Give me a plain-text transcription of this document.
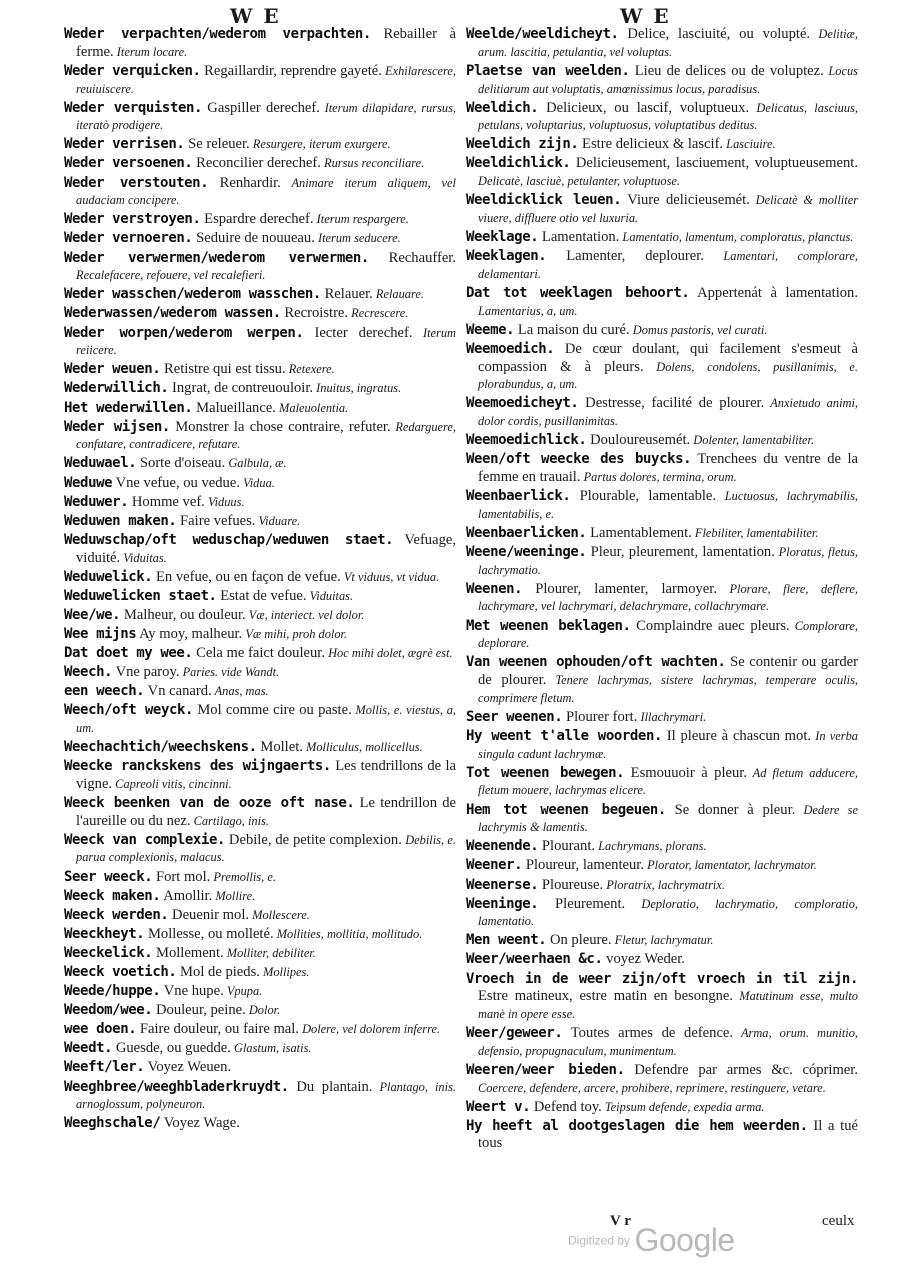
W E	W E

Weder verpachten/wederom verpachten. Rebailler à ferme. Iterum locare.

Weder verquicken. Regaillardir, reprendre gayeté. Exhilarescere, reuiuiscere.

Weder verquisten. Gaspiller derechef. Iterum dilapidare, rursus, iteratò prodigere.

Weder verrisen. Se releuer. Resurgere, iterum exurgere.

Weder versoenen. Reconcilier derechef. Rursus reconciliare.

Weder verstouten. Renhardir. Animare iterum aliquem, vel audaciam concipere.

Weder verstroyen. Espardre derechef. Iterum respargere.

Weder vernoeren. Seduire de nouueau. Iterum seducere.

Weder verwermen/wederom verwermen. Rechauffer. Recalefacere, refouere, vel recalefieri.

Weder wasschen/wederom wasschen. Relauer. Relauare.

Wederwassen/wederom wassen. Recroistre. Recrescere.

Weder worpen/wederom werpen. Iecter derechef. Iterum reiicere.

Weder weuen. Retistre qui est tissu. Retexere.

Wederwillich. Ingrat, de contreuouloir. Inuitus, ingratus.

Het wederwillen. Malueillance. Maleuolentia.

Weder wijsen. Monstrer la chose contraire, refuter. Redarguere, confutare, contradicere, refutare.

Weduwael. Sorte d'oiseau. Galbula, æ.

Weduwe Vne vefue, ou vedue. Vidua.

Weduwer. Homme vef. Viduus.

Weduwen maken. Faire vefues. Viduare.

Weduwschap/oft weduschap/weduwen staet. Vefuage, viduité. Viduitas.

Weduwelick. En vefue, ou en façon de vefue. Vt viduus, vt vidua.

Weduwelicken staet. Estat de vefue. Viduitas.

Wee/we. Malheur, ou douleur. Væ, interiect. vel dolor.

Wee mijns Ay moy, malheur. Væ mihi, proh dolor.

Dat doet my wee. Cela me faict douleur. Hoc mihi dolet, ægrè est.

Weech. Vne paroy. Paries. vide Wandt.

een weech. Vn canard. Anas, mas.

Weech/oft weyck. Mol comme cire ou paste. Mollis, e. viestus, a, um.

Weechachtich/weechskens. Mollet. Molliculus, mollicellus.

Weecke ranckskens des wijngaerts. Les tendrillons de la vigne. Capreoli vitis, cincinni.

Weeck beenken van de ooze oft nase. Le tendrillon de l'aureille ou du nez. Cartilago, inis.

Weeck van complexie. Debile, de petite complexion. Debilis, e. parua complexionis, malacus.

Seer weeck. Fort mol. Premollis, e.

Weeck maken. Amollir. Mollire.

Weeck werden. Deuenir mol. Mollescere.

Weeckheyt. Mollesse, ou molleté. Mollities, mollitia, mollitudo.

Weeckelick. Mollement. Molliter, debiliter.

Weeck voetich. Mol de pieds. Mollipes.

Weede/huppe. Vne hupe. Vpupa.

Weedom/wee. Douleur, peine. Dolor.

wee doen. Faire douleur, ou faire mal. Dolere, vel dolorem inferre.

Weedt. Guesde, ou guedde. Glastum, isatis.

Weeft/ler. Voyez Weuen.

Weeghbree/weeghbladerkruydt. Du plantain. Plantago, inis. arnoglossum, polyneuron.

Weeghschale/ Voyez Wage.

Weelde/weeldicheyt. Delice, lasciuité, ou volupté. Delitiæ, arum. lascitia, petulantia, vel voluptas.

Plaetse van weelden. Lieu de delices ou de voluptez. Locus delitiarum aut voluptatis, amœnissimus locus, paradisus.

Weeldich. Delicieux, ou lascif, voluptueux. Delicatus, lasciuus, petulans, voluptarius, voluptuosus, voluptatibus deditus.

Weeldich zijn. Estre delicieux & lascif. Lasciuire.

Weeldichlick. Delicieusement, lasciuement, voluptueusement. Delicatè, lasciuè, petulanter, voluptuose.

Weeldicklick leuen. Viure delicieusemét. Delicatè & molliter viuere, diffluere otio vel luxuria.

Weeklage. Lamentation. Lamentatio, lamentum, comploratus, planctus.

Weeklagen. Lamenter, deplourer. Lamentari, complorare, delamentari.

Dat tot weeklagen behoort. Appertenát à lamentation. Lamentarius, a, um.

Weeme. La maison du curé. Domus pastoris, vel curati.

Weemoedich. De cœur doulant, qui facilement s'esmeut à compassion & à pleurs. Dolens, condolens, pusillanimis, e. plorabundus, a, um.

Weemoedicheyt. Destresse, facilité de plourer. Anxietudo animi, dolor cordis, pusillanimitas.

Weemoedichlick. Douloureusemét. Dolenter, lamentabiliter.

Ween/oft weecke des buycks. Trenchees du ventre de la femme en trauail. Partus dolores, termina, orum.

Weenbaerlick. Plourable, lamentable. Luctuosus, lachrymabilis, lamentabilis, e.

Weenbaerlicken. Lamentablement. Flebiliter, lamentabiliter.

Weene/weeninge. Pleur, pleurement, lamentation. Ploratus, fletus, lachrymatio.

Weenen. Plourer, lamenter, larmoyer. Plorare, flere, deflere, lachrymare, vel lachrymari, delachrymare, collachrymare.

Met weenen beklagen. Complaindre auec pleurs. Complorare, deplorare.

Van weenen ophouden/oft wachten. Se contenir ou garder de plourer. Tenere lachrymas, sistere lachrymas, temperare oculis, comprimere fletum.

Seer weenen. Plourer fort. Illachrymari.

Hy weent t'alle woorden. Il pleure à chascun mot. In verba singula cadunt lachrymæ.

Tot weenen bewegen. Esmouuoir à pleur. Ad fletum adducere, fletum mouere, lachrymas elicere.

Hem tot weenen begeuen. Se donner à pleur. Dedere se lachrymis & lamentis.

Weenende. Plourant. Lachrymans, plorans.

Weener. Ploureur, lamenteur. Plorator, lamentator, lachrymator.

Weenerse. Ploureuse. Ploratrix, lachrymatrix.

Weeninge. Pleurement. Deploratio, lachrymatio, comploratio, lamentatio.

Men weent. On pleure. Fletur, lachrymatur.

Weer/weerhaen &c. voyez Weder.

Vroech in de weer zijn/oft vroech in til zijn. Estre matineux, estre matin en besongne. Matutinum esse, multo manè in opere esse.

Weer/geweer. Toutes armes de defence. Arma, orum. munitio, defensio, propugnaculum, munimentum.

Weeren/weer bieden. Defendre par armes &c. cóprimer. Coercere, defendere, arcere, prohibere, reprimere, restinguere, vetare.

Weert v. Defend toy. Teipsum defende, expedia arma.

Hy heeft al dootgeslagen die hem weerden. Il a tué tous

V r	ceulx
Digitized by Google
